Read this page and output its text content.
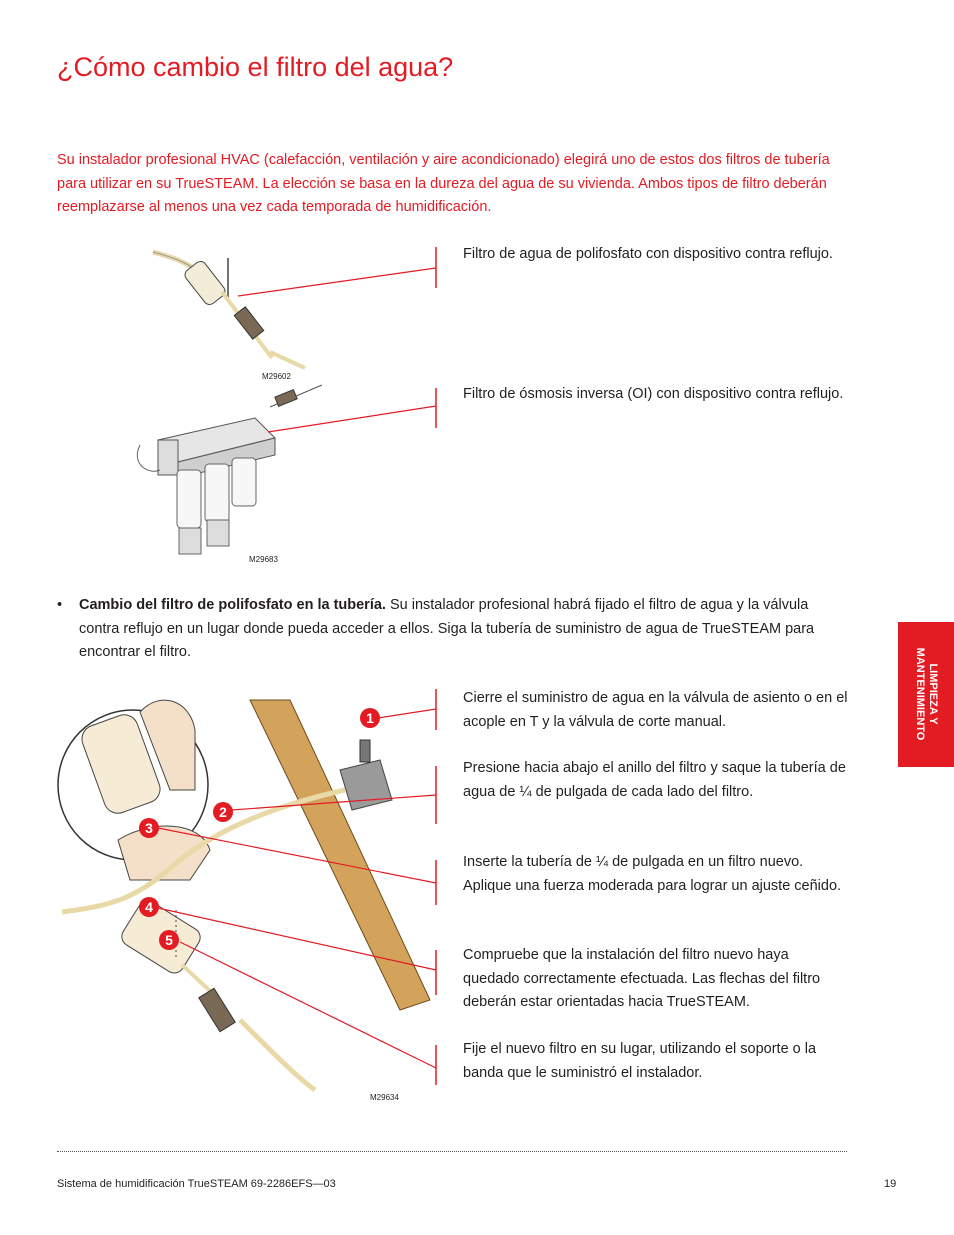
¿Cómo cambio el filtro del agua?
Su instalador profesional HVAC (calefacción, ventilación y aire acondicionado) elegirá uno de estos dos filtros de tubería para utilizar en su TrueSTEAM. La elección se basa en la dureza del agua de su vivienda. Ambos tipos de filtro deberán reemplazarse al menos una vez cada temporada de humidificación.
M29602
M29683
M29634
1
2
3
4
5
Filtro de agua de polifosfato con dispositivo contra reflujo.
Filtro de ósmosis inversa (OI) con dispositivo contra reflujo.
• Cambio del filtro de polifosfato en la tubería. Su instalador profesional habrá fijado el filtro de agua y la válvula contra reflujo en un lugar donde pueda acceder a ellos. Siga la tubería de suministro de agua de TrueSTEAM para encontrar el filtro.
Cierre el suministro de agua en la válvula de asiento o en el acople en T y la válvula de corte manual.
Presione hacia abajo el anillo del filtro y saque la tubería de agua de ¼ de pulgada de cada lado del filtro.
Inserte la tubería de ¼ de pulgada en un filtro nuevo. Aplique una fuerza moderada para lograr un ajuste ceñido.
Compruebe que la instalación del filtro nuevo haya quedado correctamente efectuada. Las flechas del filtro deberán estar orientadas hacia TrueSTEAM.
Fije el nuevo filtro en su lugar, utilizando el soporte o la banda que le suministró el instalador.
LIMPIEZA Y
MANTENIMIENTO
Sistema de humidificación TrueSTEAM 69-2286EFS—03	19
